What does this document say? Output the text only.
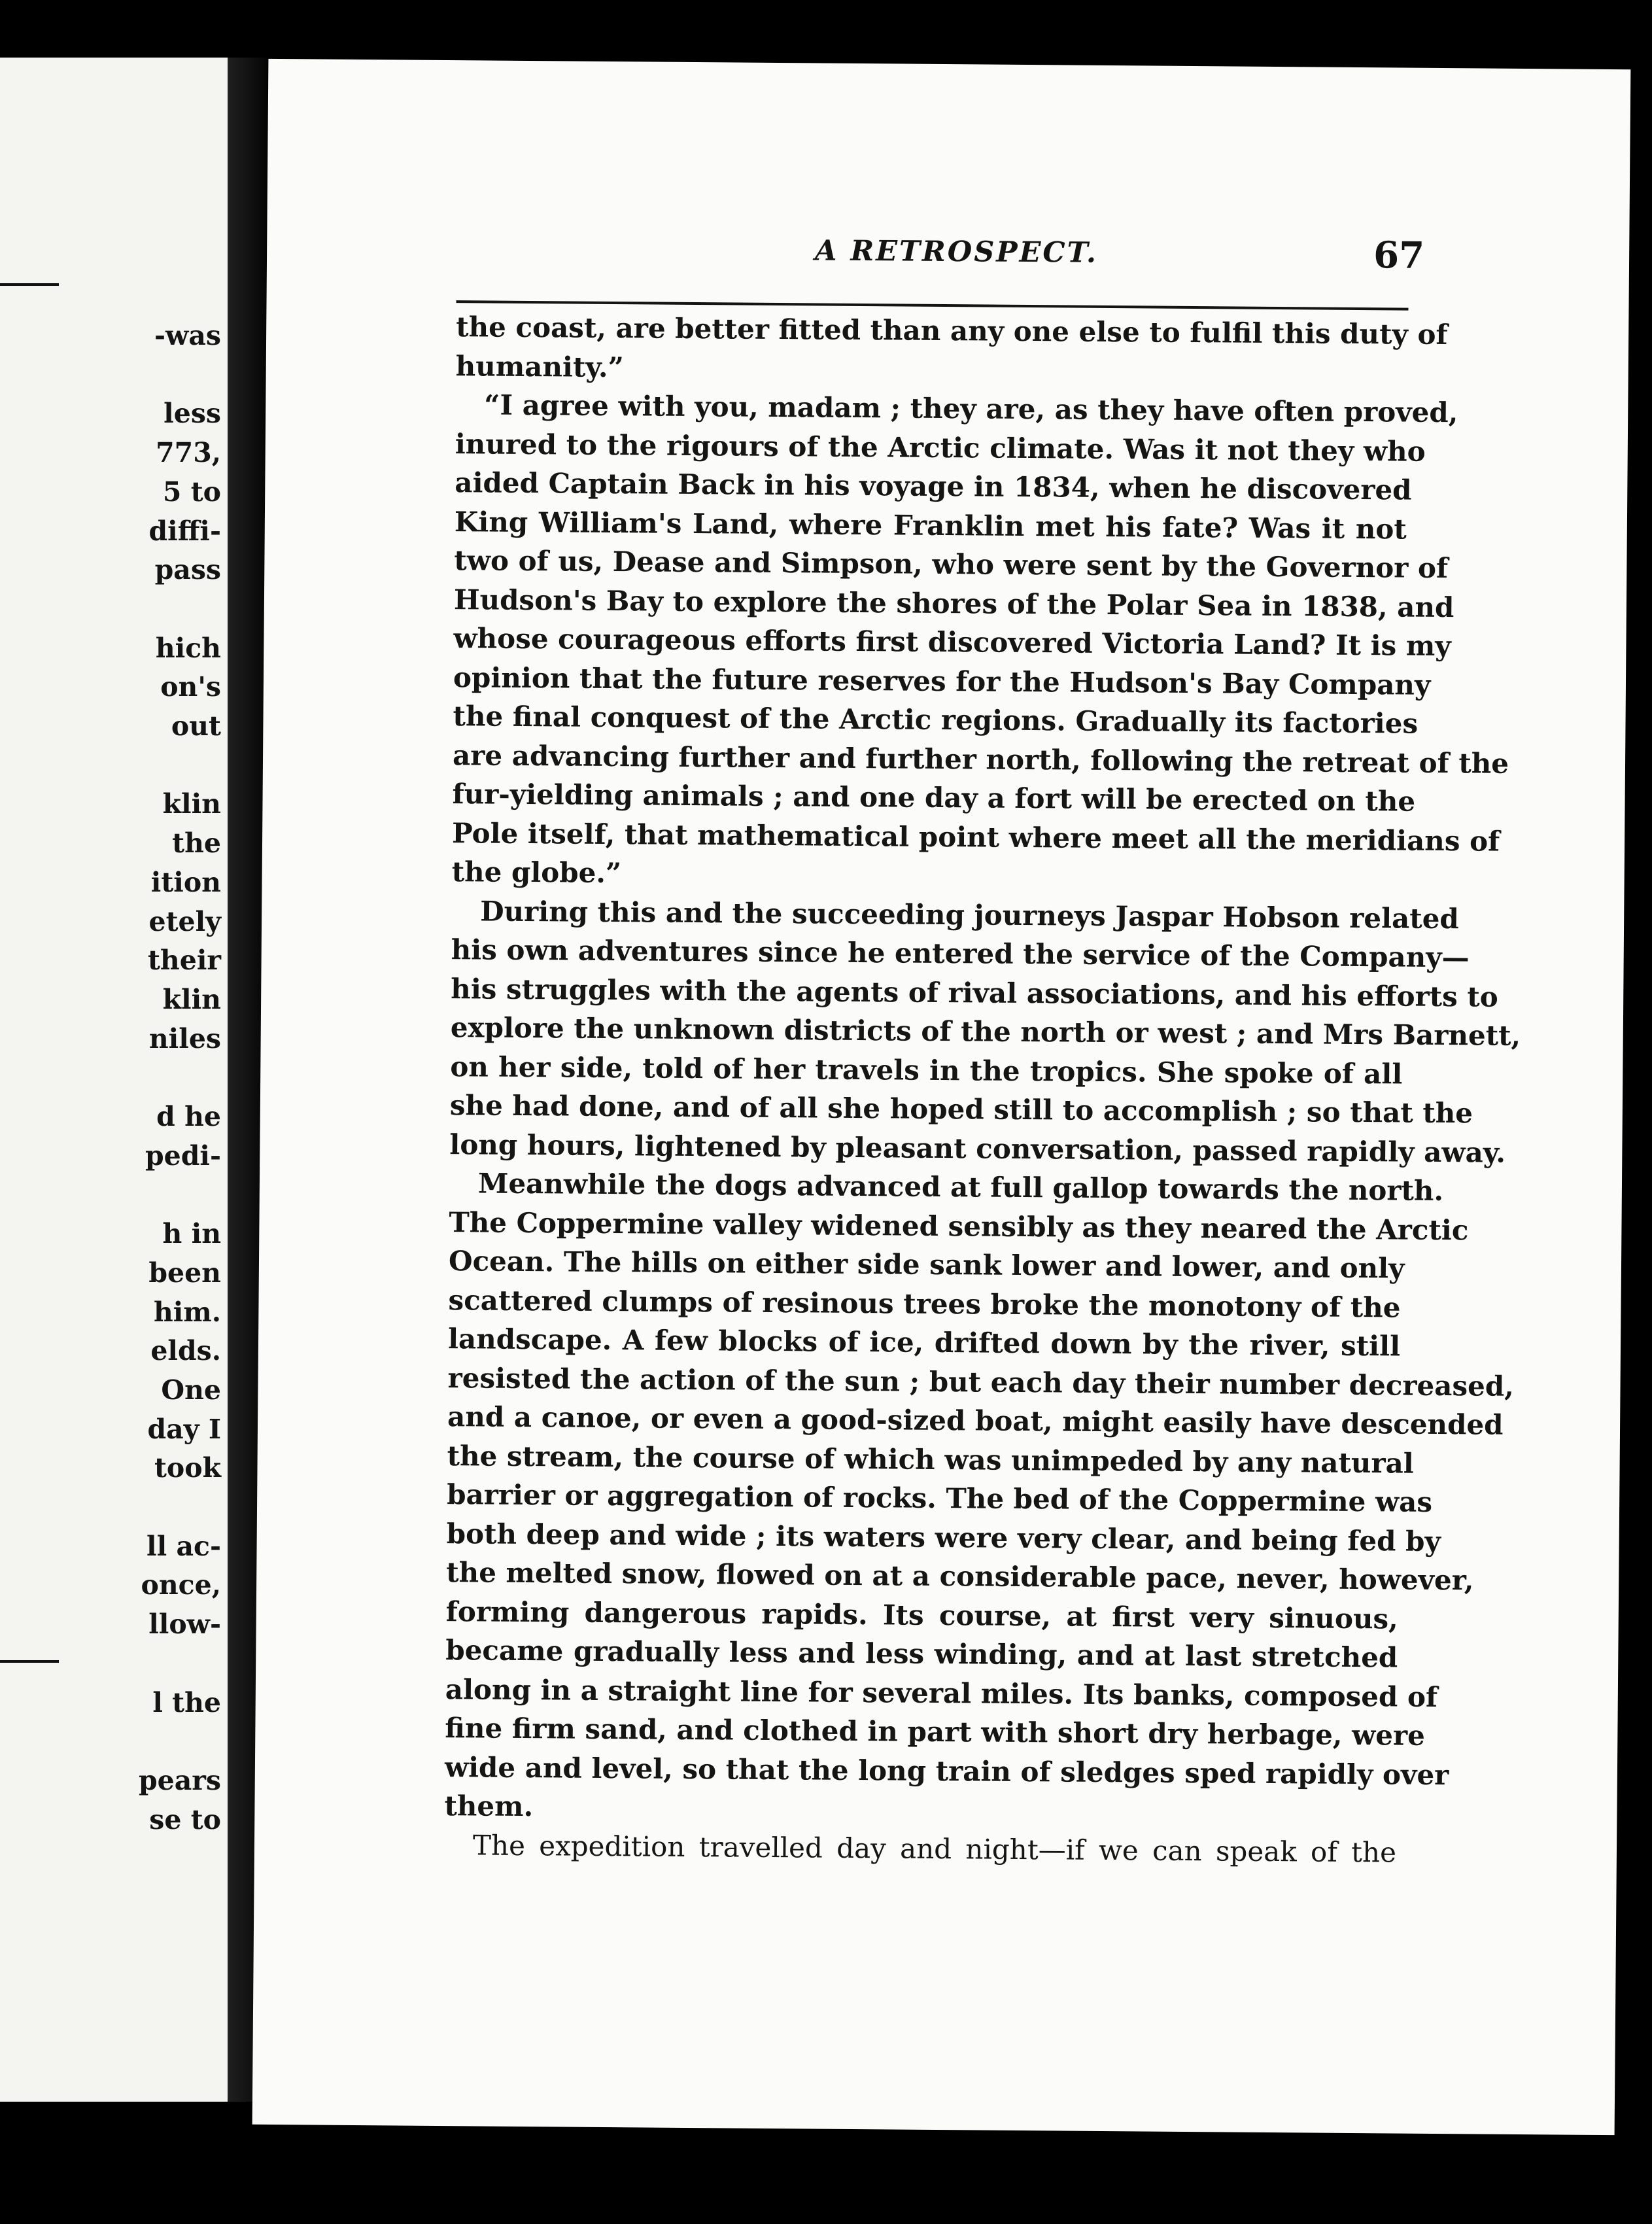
-was
less
773,
5 to
diffi-
pass
hich
on's
out
klin
the
ition
etely
their
klin
niles
d he
pedi-
h in
been
him.
elds.
One
day I
took
ll ac-
once,
llow-
l the
pears
se to
A RETROSPECT.	67
the coast, are better fitted than any one else to fulfil this duty of
humanity.”
“I agree with you, madam ; they are, as they have often proved,
inured to the rigours of the Arctic climate. Was it not they who
aided Captain Back in his voyage in 1834, when he discovered
King William's Land, where Franklin met his fate? Was it not
two of us, Dease and Simpson, who were sent by the Governor of
Hudson's Bay to explore the shores of the Polar Sea in 1838, and
whose courageous efforts first discovered Victoria Land? It is my
opinion that the future reserves for the Hudson's Bay Company
the final conquest of the Arctic regions. Gradually its factories
are advancing further and further north, following the retreat of the
fur-yielding animals ; and one day a fort will be erected on the
Pole itself, that mathematical point where meet all the meridians of
the globe.”
During this and the succeeding journeys Jaspar Hobson related
his own adventures since he entered the service of the Company—
his struggles with the agents of rival associations, and his efforts to
explore the unknown districts of the north or west ; and Mrs Barnett,
on her side, told of her travels in the tropics. She spoke of all
she had done, and of all she hoped still to accomplish ; so that the
long hours, lightened by pleasant conversation, passed rapidly away.
Meanwhile the dogs advanced at full gallop towards the north.
The Coppermine valley widened sensibly as they neared the Arctic
Ocean. The hills on either side sank lower and lower, and only
scattered clumps of resinous trees broke the monotony of the
landscape. A few blocks of ice, drifted down by the river, still
resisted the action of the sun ; but each day their number decreased,
and a canoe, or even a good-sized boat, might easily have descended
the stream, the course of which was unimpeded by any natural
barrier or aggregation of rocks. The bed of the Coppermine was
both deep and wide ; its waters were very clear, and being fed by
the melted snow, flowed on at a considerable pace, never, however,
forming dangerous rapids. Its course, at first very sinuous,
became gradually less and less winding, and at last stretched
along in a straight line for several miles. Its banks, composed of
fine firm sand, and clothed in part with short dry herbage, were
wide and level, so that the long train of sledges sped rapidly over
them.
The expedition travelled day and night—if we can speak of the
